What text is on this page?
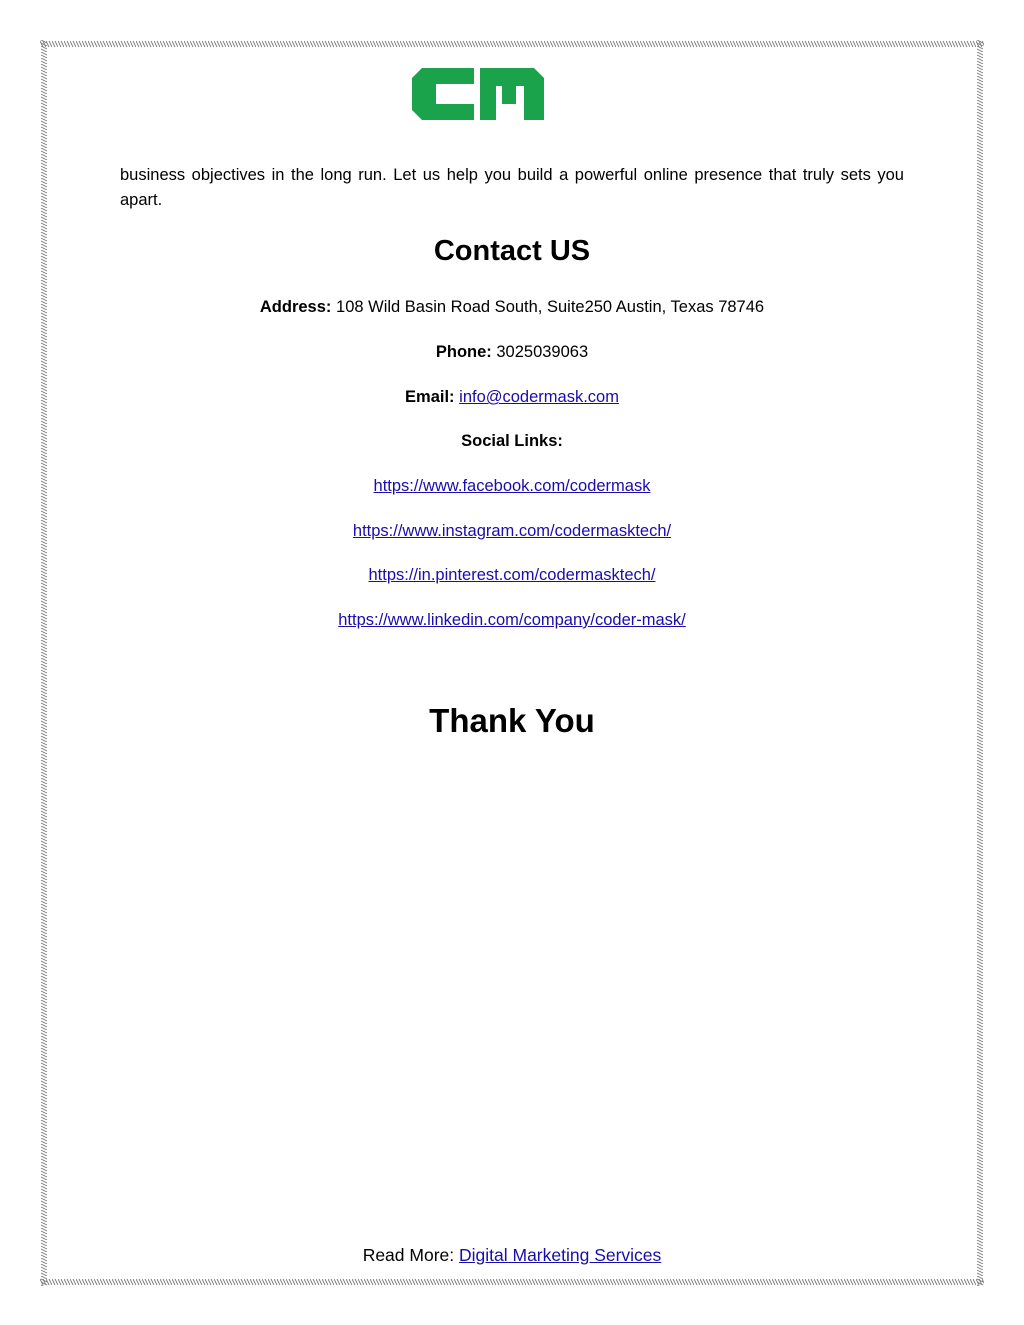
business objectives in the long run. Let us help you build a powerful online presence that truly sets you apart.
Contact US
Address: 108 Wild Basin Road South, Suite250 Austin, Texas 78746
Phone: 3025039063
Email: info@codermask.com
Social Links:
https://www.facebook.com/codermask
https://www.instagram.com/codermasktech/
https://in.pinterest.com/codermasktech/
https://www.linkedin.com/company/coder-mask/
Thank You
Read More: Digital Marketing Services
